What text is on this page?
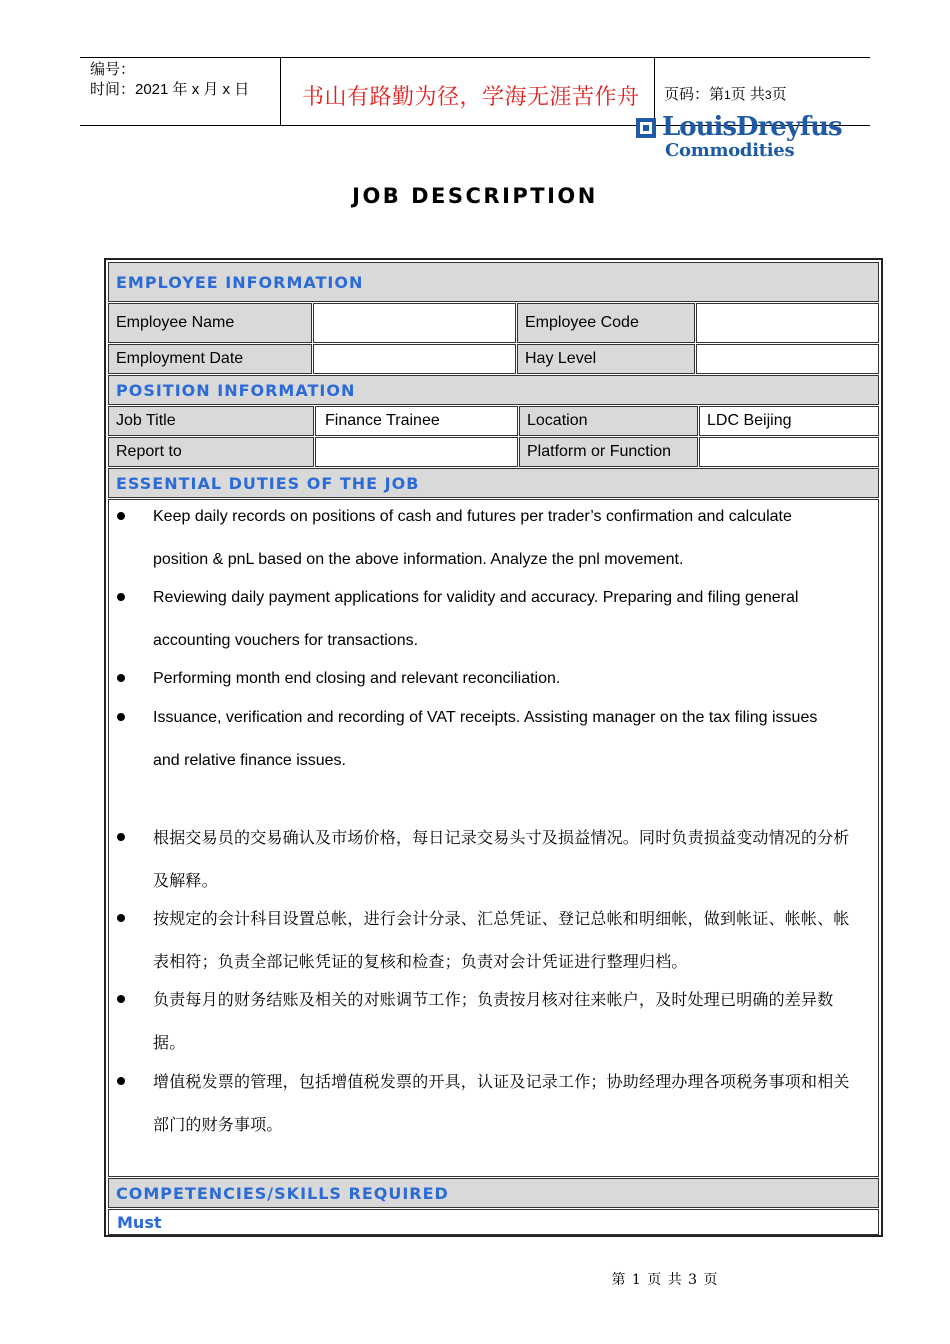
编号：
时间：2021 年 x 月 x 日 书山有路勤为径，学海无涯苦作舟 页码：第1页 共3页
LouisDreyfus
Commodities
JOB DESCRIPTION
EMPLOYEE INFORMATION
Employee Name	Employee Code
Employment Date	Hay Level
POSITION INFORMATION
Job Title	Finance Trainee	Location	LDC Beijing
Report to	Platform or Function
ESSENTIAL DUTIES OF THE JOB
Keep daily records on positions of cash and futures per trader’s confirmation and calculate
position & pnL based on the above information. Analyze the pnl movement.
Reviewing daily payment applications for validity and accuracy. Preparing and filing general
accounting vouchers for transactions.
Performing month end closing and relevant reconciliation.
Issuance, verification and recording of VAT receipts. Assisting manager on the tax filing issues
and relative finance issues.
根据交易员的交易确认及市场价格，每日记录交易头寸及损益情况。同时负责损益变动情况的分析
及解释。
按规定的会计科目设置总帐，进行会计分录、汇总凭证、登记总帐和明细帐，做到帐证、帐帐、帐
表相符；负责全部记帐凭证的复核和检查；负责对会计凭证进行整理归档。
负责每月的财务结账及相关的对账调节工作；负责按月核对往来帐户，及时处理已明确的差异数
据。
增值税发票的管理，包括增值税发票的开具，认证及记录工作；协助经理办理各项税务事项和相关
部门的财务事项。
COMPETENCIES/SKILLS REQUIRED
Must
第 1 页 共 3 页
